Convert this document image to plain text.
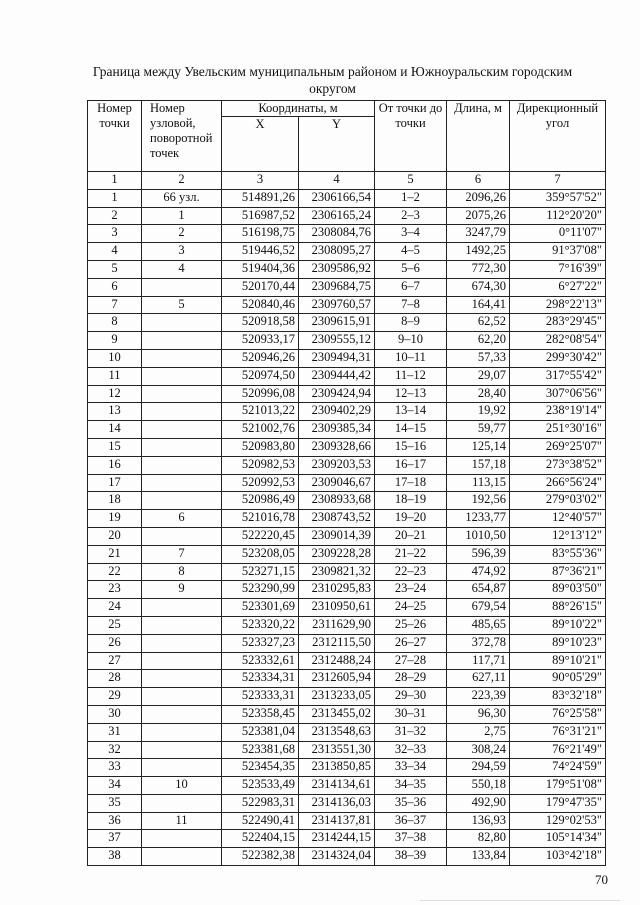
Граница между Увельским муниципальным районом и Южноуральским городским округом
Номер точки	Номер узловой, поворотной точек	Координаты, м		От точки до точки	Длина, м	Дирекционный угол
		X	Y			
1	2	3	4	5	6	7
1	66 узл.	514891,26	2306166,54	1–2	2096,26	359°57'52"
2	1	516987,52	2306165,24	2–3	2075,26	112°20'20"
3	2	516198,75	2308084,76	3–4	3247,79	0°11'07"
4	3	519446,52	2308095,27	4–5	1492,25	91°37'08"
5	4	519404,36	2309586,92	5–6	772,30	7°16'39"
6		520170,44	2309684,75	6–7	674,30	6°27'22"
7	5	520840,46	2309760,57	7–8	164,41	298°22'13"
8		520918,58	2309615,91	8–9	62,52	283°29'45"
9		520933,17	2309555,12	9–10	62,20	282°08'54"
10		520946,26	2309494,31	10–11	57,33	299°30'42"
11		520974,50	2309444,42	11–12	29,07	317°55'42"
12		520996,08	2309424,94	12–13	28,40	307°06'56"
13		521013,22	2309402,29	13–14	19,92	238°19'14"
14		521002,76	2309385,34	14–15	59,77	251°30'16"
15		520983,80	2309328,66	15–16	125,14	269°25'07"
16		520982,53	2309203,53	16–17	157,18	273°38'52"
17		520992,53	2309046,67	17–18	113,15	266°56'24"
18		520986,49	2308933,68	18–19	192,56	279°03'02"
19	6	521016,78	2308743,52	19–20	1233,77	12°40'57"
20		522220,45	2309014,39	20–21	1010,50	12°13'12"
21	7	523208,05	2309228,28	21–22	596,39	83°55'36"
22	8	523271,15	2309821,32	22–23	474,92	87°36'21"
23	9	523290,99	2310295,83	23–24	654,87	89°03'50"
24		523301,69	2310950,61	24–25	679,54	88°26'15"
25		523320,22	2311629,90	25–26	485,65	89°10'22"
26		523327,23	2312115,50	26–27	372,78	89°10'23"
27		523332,61	2312488,24	27–28	117,71	89°10'21"
28		523334,31	2312605,94	28–29	627,11	90°05'29"
29		523333,31	2313233,05	29–30	223,39	83°32'18"
30		523358,45	2313455,02	30–31	96,30	76°25'58"
31		523381,04	2313548,63	31–32	2,75	76°31'21"
32		523381,68	2313551,30	32–33	308,24	76°21'49"
33		523454,35	2313850,85	33–34	294,59	74°24'59"
34	10	523533,49	2314134,61	34–35	550,18	179°51'08"
35		522983,31	2314136,03	35–36	492,90	179°47'35"
36	11	522490,41	2314137,81	36–37	136,93	129°02'53"
37		522404,15	2314244,15	37–38	82,80	105°14'34"
38		522382,38	2314324,04	38–39	133,84	103°42'18"
70
